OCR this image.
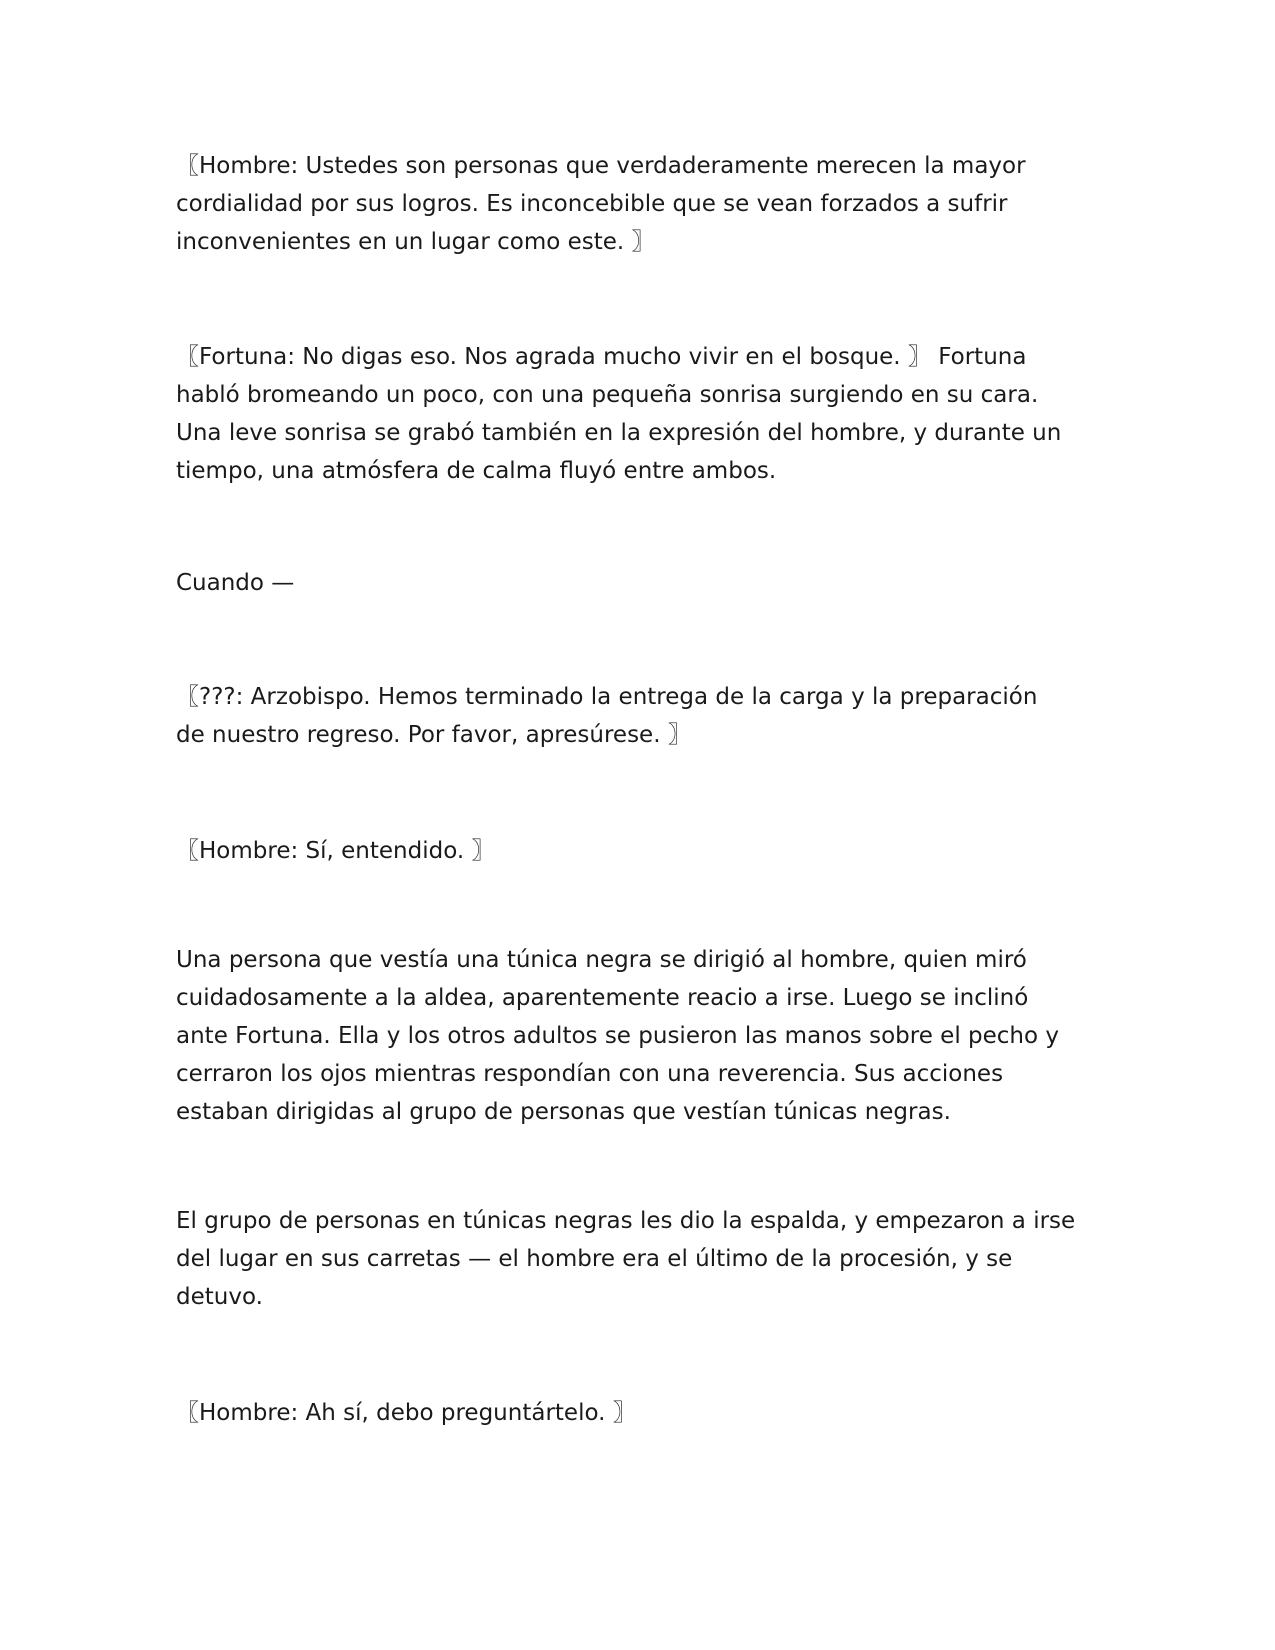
〖Hombre: Ustedes son personas que verdaderamente merecen la mayor
cordialidad por sus logros. Es inconcebible que se vean forzados a sufrir
inconvenientes en un lugar como este. 〗

〖Fortuna: No digas eso. Nos agrada mucho vivir en el bosque. 〗 Fortuna
habló bromeando un poco, con una pequeña sonrisa surgiendo en su cara.
Una leve sonrisa se grabó también en la expresión del hombre, y durante un
tiempo, una atmósfera de calma fluyó entre ambos.

Cuando —

〖???: Arzobispo. Hemos terminado la entrega de la carga y la preparación
de nuestro regreso. Por favor, apresúrese. 〗

〖Hombre: Sí, entendido. 〗

Una persona que vestía una túnica negra se dirigió al hombre, quien miró
cuidadosamente a la aldea, aparentemente reacio a irse. Luego se inclinó
ante Fortuna. Ella y los otros adultos se pusieron las manos sobre el pecho y
cerraron los ojos mientras respondían con una reverencia. Sus acciones
estaban dirigidas al grupo de personas que vestían túnicas negras.

El grupo de personas en túnicas negras les dio la espalda, y empezaron a irse
del lugar en sus carretas — el hombre era el último de la procesión, y se
detuvo.

〖Hombre: Ah sí, debo preguntártelo. 〗
